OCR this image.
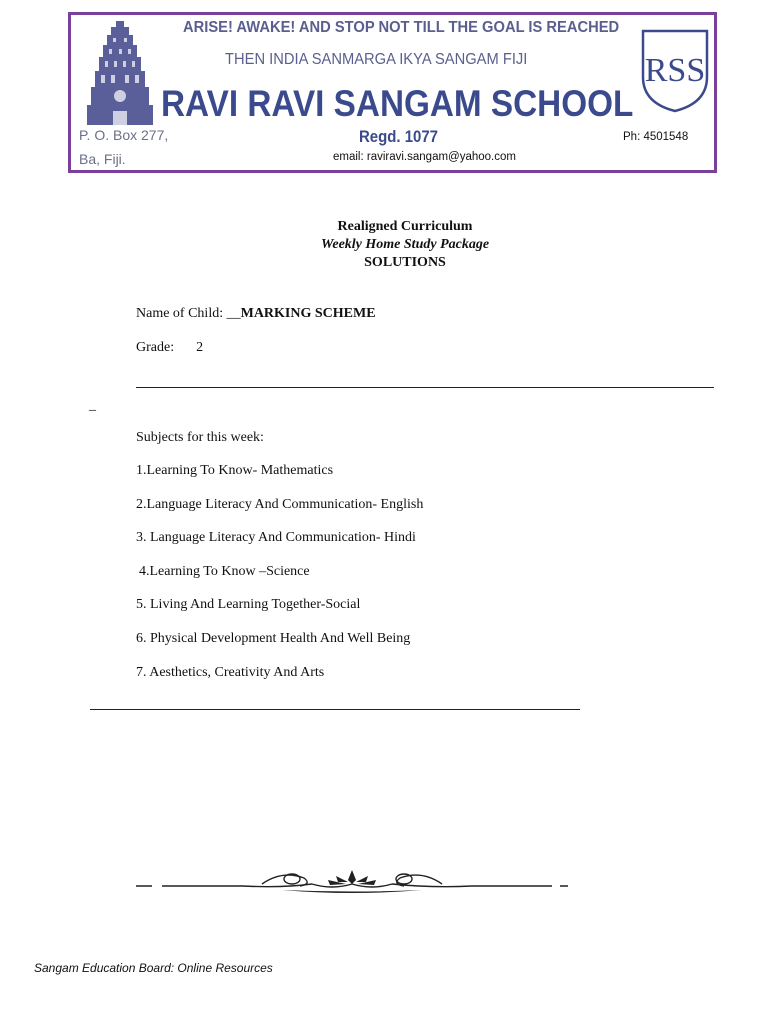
ARISE! AWAKE! AND STOP NOT TILL THE GOAL IS REACHED
THEN INDIA SANMARGA IKYA SANGAM FIJI
RAVI RAVI SANGAM SCHOOL
RSS
P. O. Box 277,
Ba, Fiji.
Regd. 1077	Ph: 4501548
email: raviravi.sangam@yahoo.com
Realigned Curriculum
Weekly Home Study Package
SOLUTIONS
Name of Child: __MARKING SCHEME
Grade: 2
_
Subjects for this week:
1.Learning To Know- Mathematics
2.Language Literacy And Communication- English
3. Language Literacy And Communication- Hindi
4.Learning To Know –Science
5. Living And Learning Together-Social
6. Physical Development Health And Well Being
7. Aesthetics, Creativity And Arts
Sangam Education Board: Online Resources
